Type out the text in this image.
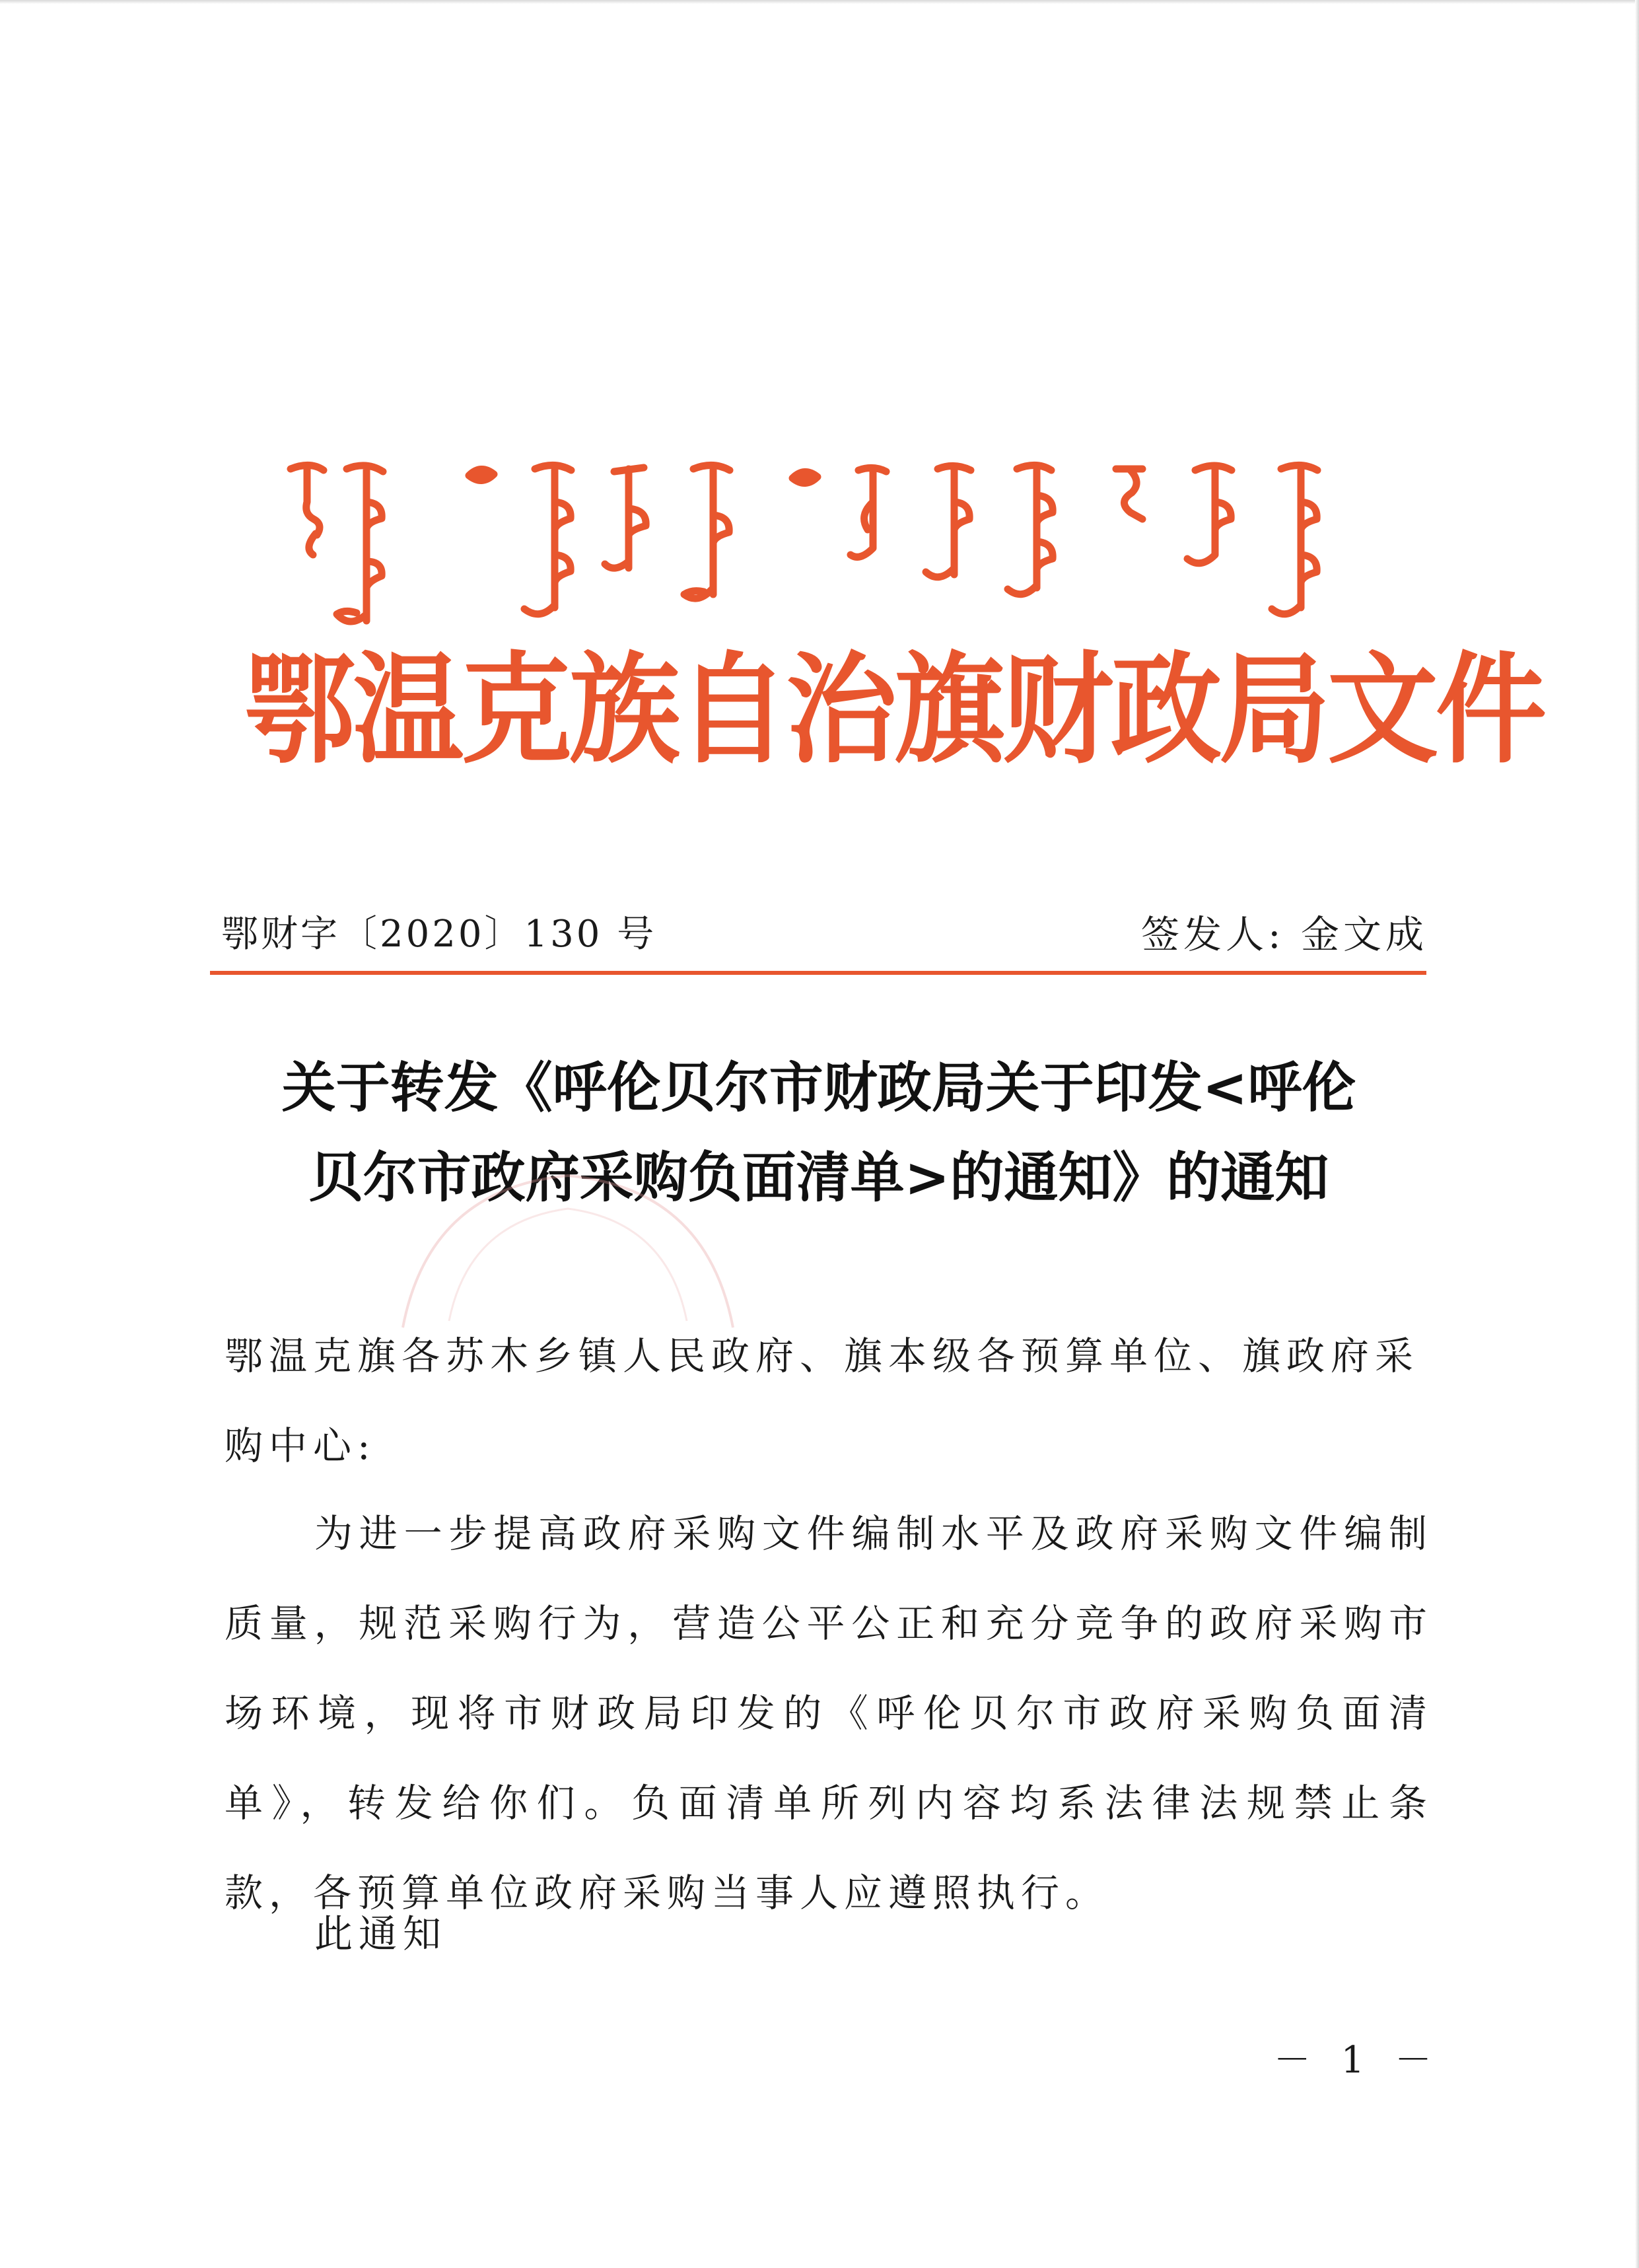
鄂温克族自治旗财政局文件
鄂财字〔2020〕130 号	签发人: 金文成
关于转发《呼伦贝尔市财政局关于印发<呼伦
贝尔市政府采购负面清单>的通知》的通知

鄂温克旗各苏木乡镇人民政府、旗本级各预算单位、旗政府采购中心:

为进一步提高政府采购文件编制水平及政府采购文件编制质量，规范采购行为，营造公平公正和充分竞争的政府采购市场环境，现将市财政局印发的《呼伦贝尔市政府采购负面清单》，转发给你们。负面清单所列内容均系法律法规禁止条款，各预算单位政府采购当事人应遵照执行。

此通知

－ 1 －
